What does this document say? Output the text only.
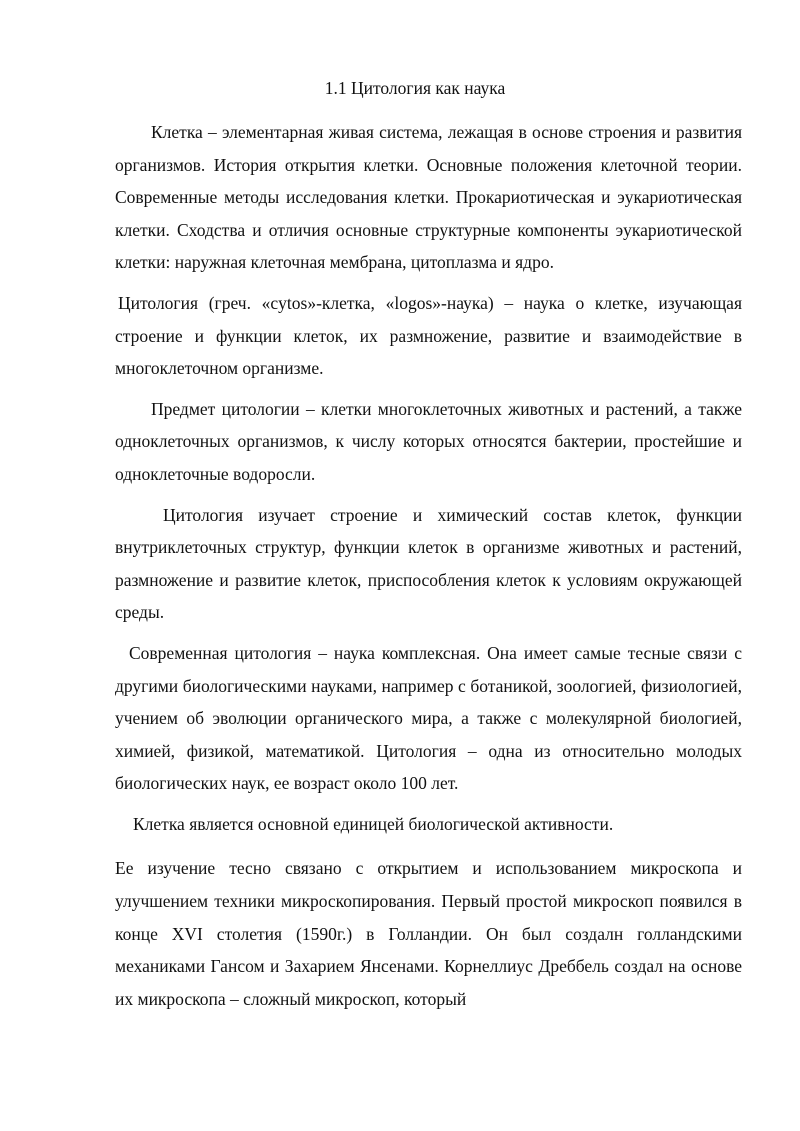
1.1 Цитология как наука

Клетка – элементарная живая система, лежащая в основе строения и развития организмов. История открытия клетки. Основные положения клеточной теории. Современные методы исследования клетки. Прокариотическая и эукариотическая клетки. Сходства и отличия основные структурные компоненты эукариотической клетки: наружная клеточная мембрана, цитоплазма и ядро.

Цитология (греч. «cytos»-клетка, «logos»-наука) – наука о клетке, изучающая строение и функции клеток, их размножение, развитие и взаимодействие в многоклеточном организме.

Предмет цитологии – клетки многоклеточных животных и растений, а также одноклеточных организмов, к числу которых относятся бактерии, простейшие и одноклеточные водоросли.

Цитология изучает строение и химический состав клеток, функции внутриклеточных структур, функции клеток в организме животных и растений, размножение и развитие клеток, приспособления клеток к условиям окружающей среды.

Современная цитология – наука комплексная. Она имеет самые тесные связи с другими биологическими науками, например с ботаникой, зоологией, физиологией, учением об эволюции органического мира, а также с молекулярной биологией, химией, физикой, математикой. Цитология – одна из относительно молодых биологических наук, ее возраст около 100 лет.

Клетка является основной единицей биологической активности.

Ее изучение тесно связано с открытием и использованием микроскопа и улучшением техники микроскопирования. Первый простой микроскоп появился в конце XVI столетия (1590г.) в Голландии. Он был создалн голландскими механиками Гансом и Захарием Янсенами. Корнеллиус Дреббель создал на основе их микроскопа – сложный микроскоп, который
